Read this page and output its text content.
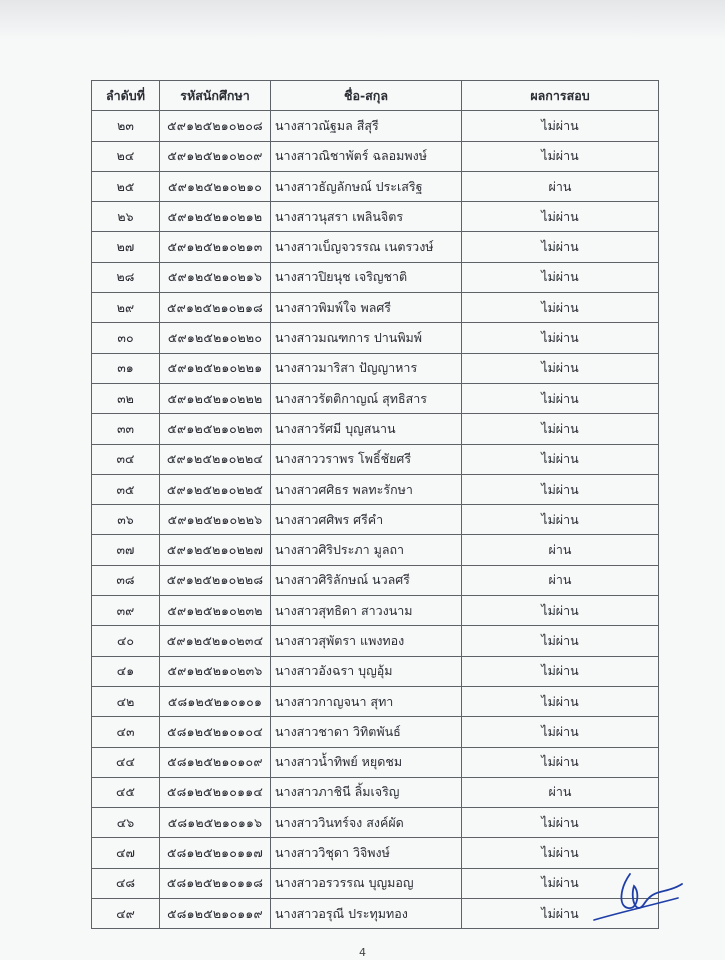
ลำดับที่	รหัสนักศึกษา	ชื่อ-สกุล	ผลการสอบ
๒๓	๕๙๑๒๕๒๑๐๒๐๘	นางสาวณัฐมล สีสุรี	ไม่ผ่าน
๒๔	๕๙๑๒๕๒๑๐๒๐๙	นางสาวณิชาพัตร์ ฉลอมพงษ์	ไม่ผ่าน
๒๕	๕๙๑๒๕๒๑๐๒๑๐	นางสาวธัญลักษณ์ ประเสริฐ	ผ่าน
๒๖	๕๙๑๒๕๒๑๐๒๑๒	นางสาวนุสรา เพลินจิตร	ไม่ผ่าน
๒๗	๕๙๑๒๕๒๑๐๒๑๓	นางสาวเบ็ญจวรรณ เนตรวงษ์	ไม่ผ่าน
๒๘	๕๙๑๒๕๒๑๐๒๑๖	นางสาวปิยนุช เจริญชาติ	ไม่ผ่าน
๒๙	๕๙๑๒๕๒๑๐๒๑๘	นางสาวพิมพ์ใจ พลศรี	ไม่ผ่าน
๓๐	๕๙๑๒๕๒๑๐๒๒๐	นางสาวมณฑการ ปานพิมพ์	ไม่ผ่าน
๓๑	๕๙๑๒๕๒๑๐๒๒๑	นางสาวมาริสา ปัญญาหาร	ไม่ผ่าน
๓๒	๕๙๑๒๕๒๑๐๒๒๒	นางสาวรัตติกาญณ์ สุทธิสาร	ไม่ผ่าน
๓๓	๕๙๑๒๕๒๑๐๒๒๓	นางสาวรัศมี บุญสนาน	ไม่ผ่าน
๓๔	๕๙๑๒๕๒๑๐๒๒๔	นางสาววราพร โพธิ์ชัยศรี	ไม่ผ่าน
๓๕	๕๙๑๒๕๒๑๐๒๒๕	นางสาวศศิธร พลทะรักษา	ไม่ผ่าน
๓๖	๕๙๑๒๕๒๑๐๒๒๖	นางสาวศศิพร ศรีคำ	ไม่ผ่าน
๓๗	๕๙๑๒๕๒๑๐๒๒๗	นางสาวศิริประภา มูลถา	ผ่าน
๓๘	๕๙๑๒๕๒๑๐๒๒๘	นางสาวศิริลักษณ์ นวลศรี	ผ่าน
๓๙	๕๙๑๒๕๒๑๐๒๓๒	นางสาวสุทธิดา สาวงนาม	ไม่ผ่าน
๔๐	๕๙๑๒๕๒๑๐๒๓๔	นางสาวสุพัตรา แพงทอง	ไม่ผ่าน
๔๑	๕๙๑๒๕๒๑๐๒๓๖	นางสาวอังฉรา บุญอุ้ม	ไม่ผ่าน
๔๒	๕๘๑๒๕๒๑๐๑๐๑	นางสาวกาญจนา สุทา	ไม่ผ่าน
๔๓	๕๘๑๒๕๒๑๐๑๐๔	นางสาวชาดา วิทิตพันธ์	ไม่ผ่าน
๔๔	๕๘๑๒๕๒๑๐๑๐๙	นางสาวน้ำทิพย์ หยุดชม	ไม่ผ่าน
๔๕	๕๘๑๒๕๒๑๐๑๑๔	นางสาวภาชินี ลิ้มเจริญ	ผ่าน
๔๖	๕๘๑๒๕๒๑๐๑๑๖	นางสาววินทร์จง สงค์ผัด	ไม่ผ่าน
๔๗	๕๘๑๒๕๒๑๐๑๑๗	นางสาววิชุดา วิจิพงษ์	ไม่ผ่าน
๔๘	๕๘๑๒๕๒๑๐๑๑๘	นางสาวอรวรรณ บุญมอญ	ไม่ผ่าน
๔๙	๕๘๑๒๕๒๑๐๑๑๙	นางสาวอรุณี ประทุมทอง	ไม่ผ่าน
4
